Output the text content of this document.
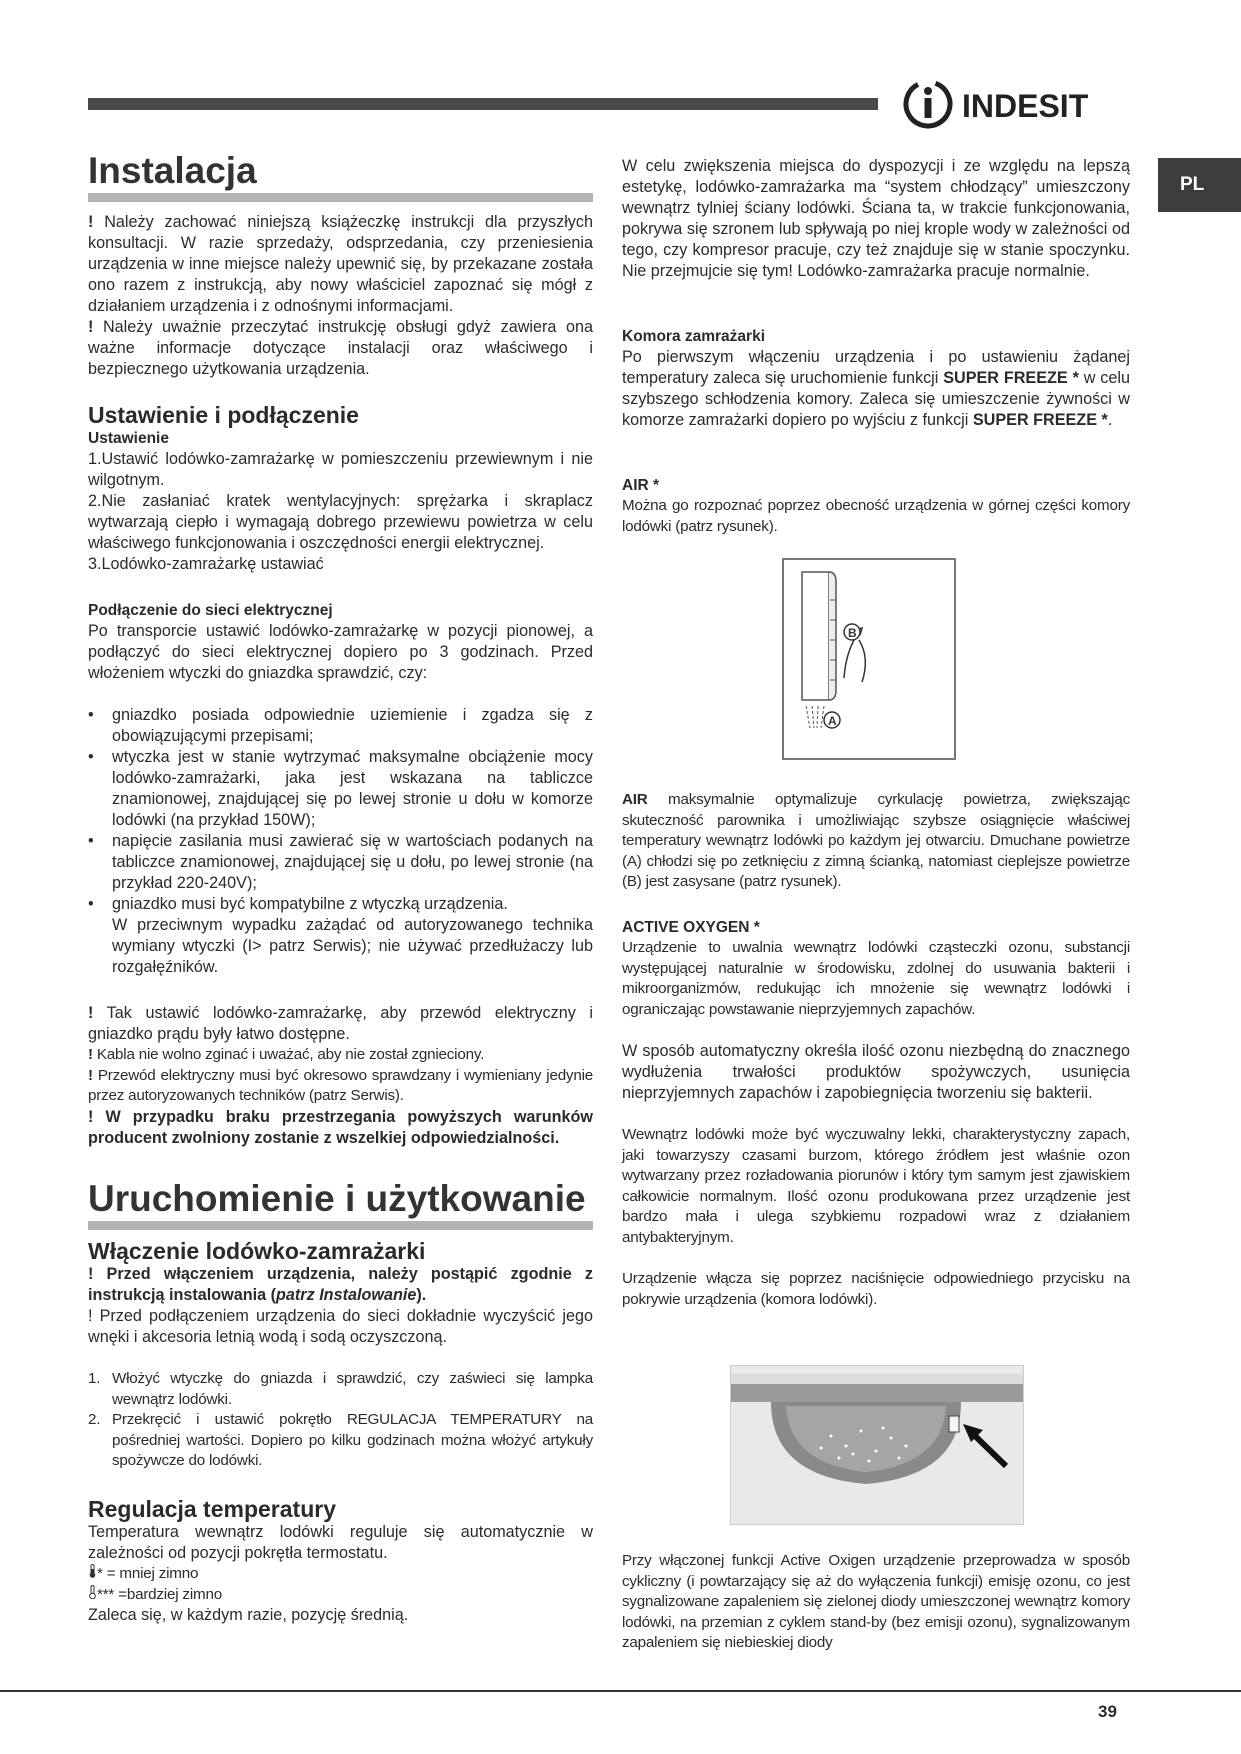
INDESIT
PL
Instalacja

! Należy zachować niniejszą książeczkę instrukcji dla przyszłych konsultacji. W razie sprzedaży, odsprzedania, czy przeniesienia urządzenia w inne miejsce należy upewnić się, by przekazane została ono razem z instrukcją, aby nowy właściciel zapoznać się mógł z działaniem urządzenia i z odnośnymi informacjami.

! Należy uważnie przeczytać instrukcję obsługi gdyż zawiera ona ważne informacje dotyczące instalacji oraz właściwego i bezpiecznego użytkowania urządzenia.

Ustawienie i podłączenie
Ustawienie

1.Ustawić lodówko-zamrażarkę w pomieszczeniu przewiewnym i nie wilgotnym.

2.Nie zasłaniać kratek wentylacyjnych: sprężarka i skraplacz wytwarzają ciepło i wymagają dobrego przewiewu powietrza w celu właściwego funkcjonowania i oszczędności energii elektrycznej.

3.Lodówko-zamrażarkę ustawiać

Podłączenie do sieci elektrycznej

Po transporcie ustawić lodówko-zamrażarkę w pozycji pionowej, a podłączyć do sieci elektrycznej dopiero po 3 godzinach. Przed włożeniem wtyczki do gniazdka sprawdzić, czy:

• gniazdko posiada odpowiednie uziemienie i zgadza się z obowiązującymi przepisami;
• wtyczka jest w stanie wytrzymać maksymalne obciążenie mocy lodówko-zamrażarki, jaka jest wskazana na tabliczce znamionowej, znajdującej się po lewej stronie u dołu w komorze lodówki (na przykład 150W);
• napięcie zasilania musi zawierać się w wartościach podanych na tabliczce znamionowej, znajdującej się u dołu, po lewej stronie (na przykład 220-240V);
• gniazdko musi być kompatybilne z wtyczką urządzenia.
W przeciwnym wypadku zażądać od autoryzowanego technika wymiany wtyczki (I> patrz Serwis); nie używać przedłużaczy lub rozgałęźników.

! Tak ustawić lodówko-zamrażarkę, aby przewód elektryczny i gniazdko prądu były łatwo dostępne.

! Kabla nie wolno zginać i uważać, aby nie został zgnieciony.

! Przewód elektryczny musi być okresowo sprawdzany i wymieniany jedynie przez autoryzowanych techników (patrz Serwis).

! W przypadku braku przestrzegania powyższych warunków producent zwolniony zostanie z wszelkiej odpowiedzialności.

Uruchomienie i użytkowanie
Włączenie lodówko-zamrażarki

! Przed włączeniem urządzenia, należy postąpić zgodnie z instrukcją instalowania (patrz Instalowanie).

! Przed podłączeniem urządzenia do sieci dokładnie wyczyścić jego wnęki i akcesoria letnią wodą i sodą oczyszczoną.

1. Włożyć wtyczkę do gniazda i sprawdzić, czy zaświeci się lampka wewnątrz lodówki.
2. Przekręcić i ustawić pokrętło REGULACJA TEMPERATURY na pośredniej wartości. Dopiero po kilku godzinach można włożyć artykuły spożywcze do lodówki.
Regulacja temperatury

Temperatura wewnątrz lodówki reguluje się automatycznie w zależności od pozycji pokrętła termostatu.

* = mniej zimno

*** =bardziej zimno

Zaleca się, w każdym razie, pozycję średnią.

W celu zwiększenia miejsca do dyspozycji i ze względu na lepszą estetykę, lodówko-zamrażarka ma “system chłodzący” umieszczony wewnątrz tylniej ściany lodówki. Ściana ta, w trakcie funkcjonowania, pokrywa się szronem lub spływają po niej krople wody w zależności od tego, czy kompresor pracuje, czy też znajduje się w stanie spoczynku. Nie przejmujcie się tym! Lodówko-zamrażarka pracuje normalnie.

Komora zamrażarki

Po pierwszym włączeniu urządzenia i po ustawieniu żądanej temperatury zaleca się uruchomienie funkcji SUPER FREEZE * w celu szybszego schłodzenia komory. Zaleca się umieszczenie żywności w komorze zamrażarki dopiero po wyjściu z funkcji SUPER FREEZE *.

AIR *

Można go rozpoznać poprzez obecność urządzenia w górnej części komory lodówki (patrz rysunek).

B
A

AIR maksymalnie optymalizuje cyrkulację powietrza, zwiększając skuteczność parownika i umożliwiając szybsze osiągnięcie właściwej temperatury wewnątrz lodówki po każdym jej otwarciu. Dmuchane powietrze (A) chłodzi się po zetknięciu z zimną ścianką, natomiast cieplejsze powietrze (B) jest zasysane (patrz rysunek).

ACTIVE OXYGEN *

Urządzenie to uwalnia wewnątrz lodówki cząsteczki ozonu, substancji występującej naturalnie w środowisku, zdolnej do usuwania bakterii i mikroorganizmów, redukując ich mnożenie się wewnątrz lodówki i ograniczając powstawanie nieprzyjemnych zapachów.

W sposób automatyczny określa ilość ozonu niezbędną do znacznego wydłużenia trwałości produktów spożywczych, usunięcia nieprzyjemnych zapachów i zapobiegnięcia tworzeniu się bakterii.

Wewnątrz lodówki może być wyczuwalny lekki, charakterystyczny zapach, jaki towarzyszy czasami burzom, którego źródłem jest właśnie ozon wytwarzany przez rozładowania piorunów i który tym samym jest zjawiskiem całkowicie normalnym. Ilość ozonu produkowana przez urządzenie jest bardzo mała i ulega szybkiemu rozpadowi wraz z działaniem antybakteryjnym.

Urządzenie włącza się poprzez naciśnięcie odpowiedniego przycisku na pokrywie urządzenia (komora lodówki).

Przy włączonej funkcji Active Oxigen urządzenie przeprowadza w sposób cykliczny (i powtarzający się aż do wyłączenia funkcji) emisję ozonu, co jest sygnalizowane zapaleniem się zielonej diody umieszczonej wewnątrz komory lodówki, na przemian z cyklem stand-by (bez emisji ozonu), sygnalizowanym zapaleniem się niebieskiej diody

39
